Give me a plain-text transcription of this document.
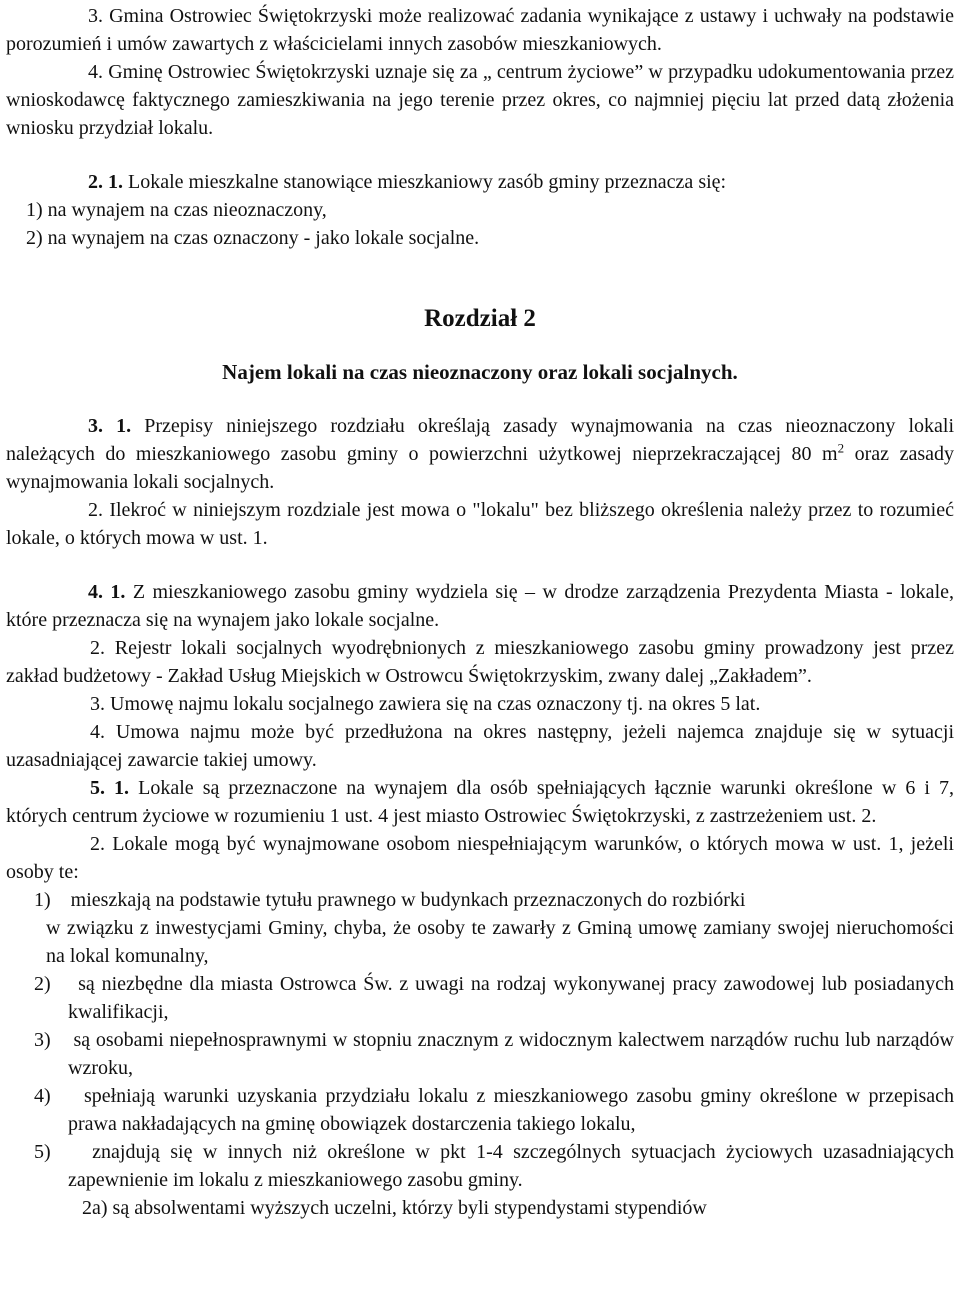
3. Gmina Ostrowiec Świętokrzyski może realizować zadania wynikające z ustawy i uchwały na podstawie porozumień i umów zawartych z właścicielami innych zasobów mieszkaniowych.

4. Gminę Ostrowiec Świętokrzyski uznaje się za „ centrum życiowe” w przypadku udokumentowania przez wnioskodawcę faktycznego zamieszkiwania na jego terenie przez okres, co najmniej pięciu lat przed datą złożenia wniosku przydział lokalu.

2. 1. Lokale mieszkalne stanowiące mieszkaniowy zasób gminy przeznacza się:

1) na wynajem na czas nieoznaczony,

2) na wynajem na czas oznaczony - jako lokale socjalne.

Rozdział 2
Najem lokali na czas nieoznaczony oraz lokali socjalnych.

3. 1. Przepisy niniejszego rozdziału określają zasady wynajmowania na czas nieoznaczony lokali należących do mieszkaniowego zasobu gminy o powierzchni użytkowej nieprzekraczającej 80 $m^2$ oraz zasady wynajmowania lokali socjalnych.

2. Ilekroć w niniejszym rozdziale jest mowa o "lokalu" bez bliższego określenia należy przez to rozumieć lokale, o których mowa w ust. 1.

4. 1. Z mieszkaniowego zasobu gminy wydziela się – w drodze zarządzenia Prezydenta Miasta - lokale, które przeznacza się na wynajem jako lokale socjalne.

2. Rejestr lokali socjalnych wyodrębnionych z mieszkaniowego zasobu gminy prowadzony jest przez zakład budżetowy - Zakład Usług Miejskich w Ostrowcu Świętokrzyskim, zwany dalej „Zakładem”.

3. Umowę najmu lokalu socjalnego zawiera się na czas oznaczony tj. na okres 5 lat.

4. Umowa najmu może być przedłużona na okres następny, jeżeli najemca znajduje się w sytuacji uzasadniającej zawarcie takiej umowy.

5. 1. Lokale są przeznaczone na wynajem dla osób spełniających łącznie warunki określone w 6 i 7, których centrum życiowe w rozumieniu 1 ust. 4 jest miasto Ostrowiec Świętokrzyski, z zastrzeżeniem ust. 2.

2. Lokale mogą być wynajmowane osobom niespełniającym warunków, o których mowa w ust. 1, jeżeli osoby te:

1) mieszkają na podstawie tytułu prawnego w budynkach przeznaczonych do rozbiórki

w związku z inwestycjami Gminy, chyba, że osoby te zawarły z Gminą umowę zamiany swojej nieruchomości na lokal komunalny,

2) są niezbędne dla miasta Ostrowca Św. z uwagi na rodzaj wykonywanej pracy zawodowej lub posiadanych kwalifikacji,

3) są osobami niepełnosprawnymi w stopniu znacznym z widocznym kalectwem narządów ruchu lub narządów wzroku,

4) spełniają warunki uzyskania przydziału lokalu z mieszkaniowego zasobu gminy określone w przepisach prawa nakładających na gminę obowiązek dostarczenia takiego lokalu,

5) znajdują się w innych niż określone w pkt 1-4 szczególnych sytuacjach życiowych uzasadniających zapewnienie im lokalu z mieszkaniowego zasobu gminy.

2a) są absolwentami wyższych uczelni, którzy byli stypendystami stypendiów
